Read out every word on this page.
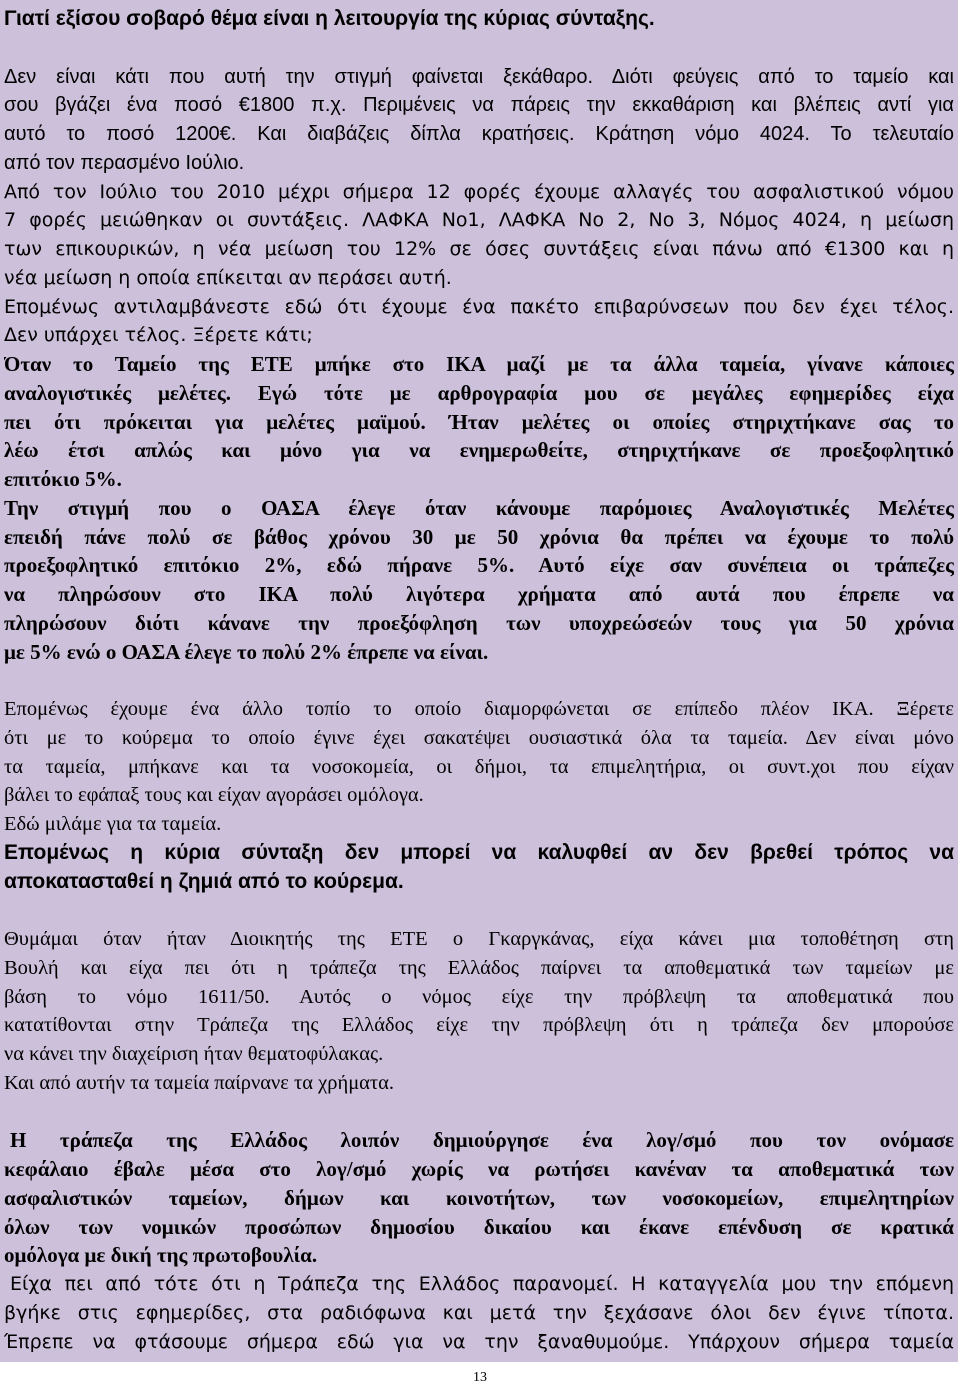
Γιατί εξίσου σοβαρό θέμα είναι η λειτουργία της κύριας σύνταξης.
Δεν είναι κάτι που αυτή την στιγμή φαίνεται ξεκάθαρο. Διότι φεύγεις από το ταμείο και
σου βγάζει ένα ποσό €1800 π.χ. Περιμένεις να πάρεις την εκκαθάριση και βλέπεις αντί για
αυτό το ποσό 1200€. Και διαβάζεις δίπλα κρατήσεις. Κράτηση νόμο 4024. Το τελευταίο
από τον περασμένο Ιούλιο.
Από τον Ιούλιο του 2010 μέχρι σήμερα 12 φορές έχουμε αλλαγές του ασφαλιστικού νόμου
7 φορές μειώθηκαν οι συντάξεις. ΛΑΦΚΑ Νο1, ΛΑΦΚΑ Νο 2, Νο 3, Νόμος 4024, η μείωση
των επικουρικών, η νέα μείωση του 12% σε όσες συντάξεις είναι πάνω από €1300 και η
νέα μείωση η οποία επίκειται αν περάσει αυτή.
Επομένως αντιλαμβάνεστε εδώ ότι έχουμε ένα πακέτο επιβαρύνσεων που δεν έχει τέλος.
Δεν υπάρχει τέλος. Ξέρετε κάτι;
Όταν το Ταμείο της ΕΤΕ μπήκε στο ΙΚΑ μαζί με τα άλλα ταμεία, γίνανε κάποιες
αναλογιστικές μελέτες. Εγώ τότε με αρθρογραφία μου σε μεγάλες εφημερίδες είχα
πει ότι πρόκειται για μελέτες μαϊμού. Ήταν μελέτες οι οποίες στηριχτήκανε σας το
λέω έτσι απλώς και μόνο για να ενημερωθείτε, στηριχτήκανε σε προεξοφλητικό
επιτόκιο 5%.
Την στιγμή που ο ΟΑΣΑ έλεγε όταν κάνουμε παρόμοιες Αναλογιστικές Μελέτες
επειδή πάνε πολύ σε βάθος χρόνου 30 με 50 χρόνια θα πρέπει να έχουμε το πολύ
προεξοφλητικό επιτόκιο 2%, εδώ πήρανε 5%. Αυτό είχε σαν συνέπεια οι τράπεζες
να πληρώσουν στο ΙΚΑ πολύ λιγότερα χρήματα από αυτά που έπρεπε να
πληρώσουν διότι κάνανε την προεξόφληση των υποχρεώσεών τους για 50 χρόνια
με 5% ενώ ο ΟΑΣΑ έλεγε το πολύ 2% έπρεπε να είναι.
Επομένως έχουμε ένα άλλο τοπίο το οποίο διαμορφώνεται σε επίπεδο πλέον ΙΚΑ. Ξέρετε
ότι με το κούρεμα το οποίο έγινε έχει σακατέψει ουσιαστικά όλα τα ταμεία. Δεν είναι μόνο
τα ταμεία, μπήκανε και τα νοσοκομεία, οι δήμοι, τα επιμελητήρια, οι συντ.χοι που είχαν
βάλει το εφάπαξ τους και είχαν αγοράσει ομόλογα.
Εδώ μιλάμε για τα ταμεία.
Επομένως η κύρια σύνταξη δεν μπορεί να καλυφθεί αν δεν βρεθεί τρόπος να
αποκατασταθεί η ζημιά από το κούρεμα.
Θυμάμαι όταν ήταν Διοικητής της ΕΤΕ ο Γκαργκάνας, είχα κάνει μια τοποθέτηση στη
Βουλή και είχα πει ότι η τράπεζα της Ελλάδος παίρνει τα αποθεματικά των ταμείων με
βάση το νόμο 1611/50. Αυτός ο νόμος είχε την πρόβλεψη τα αποθεματικά που
κατατίθονται στην Τράπεζα της Ελλάδος είχε την πρόβλεψη ότι η τράπεζα δεν μπορούσε
να κάνει την διαχείριση ήταν θεματοφύλακας.
Και από αυτήν τα ταμεία παίρνανε τα χρήματα.
Η τράπεζα της Ελλάδος λοιπόν δημιούργησε ένα λογ/σμό που τον ονόμασε
κεφάλαιο έβαλε μέσα στο λογ/σμό χωρίς να ρωτήσει κανέναν τα αποθεματικά των
ασφαλιστικών ταμείων, δήμων και κοινοτήτων, των νοσοκομείων, επιμελητηρίων
όλων των νομικών προσώπων δημοσίου δικαίου και έκανε επένδυση σε κρατικά
ομόλογα με δική της πρωτοβουλία.
Είχα πει από τότε ότι η Τράπεζα της Ελλάδος παρανομεί. Η καταγγελία μου την επόμενη
βγήκε στις εφημερίδες, στα ραδιόφωνα και μετά την ξεχάσανε όλοι δεν έγινε τίποτα.
Έπρεπε να φτάσουμε σήμερα εδώ για να την ξαναθυμούμε. Υπάρχουν σήμερα ταμεία
13
